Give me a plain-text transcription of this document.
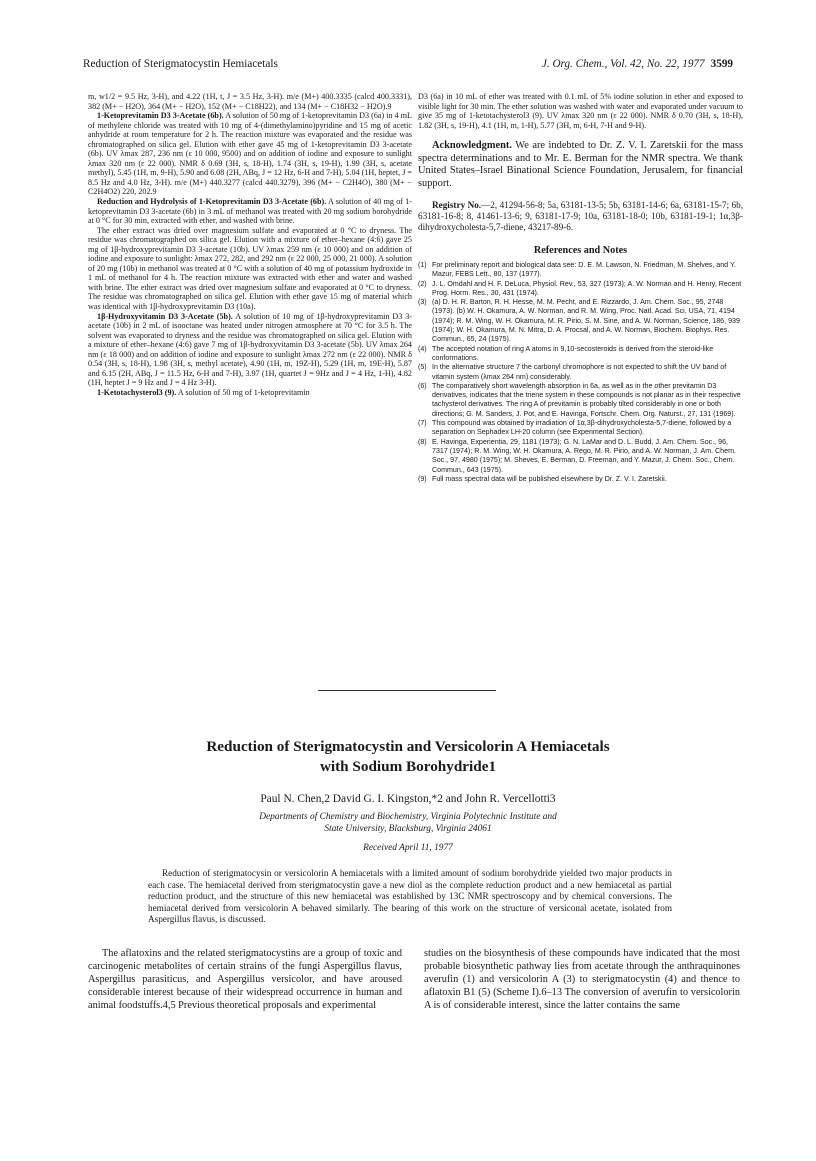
Reduction of Sterigmatocystin Hemiacetals	J. Org. Chem., Vol. 42, No. 22, 1977 3599

m, w1/2 = 9.5 Hz, 3-H), and 4.22 (1H, t, J = 3.5 Hz, 3-H). m/e (M+) 400.3335 (calcd 400.3331), 382 (M+ − H2O), 364 (M+ − H2O), 152 (M+ − C18H22), and 134 (M+ − C18H32 − H2O).9

1-Ketoprevitamin D3 3-Acetate (6b). A solution of 50 mg of 1-ketoprevitamin D3 (6a) in 4 mL of methylene chloride was treated with 10 mg of 4-(dimethylamino)pyridine and 15 mg of acetic anhydride at room temperature for 2 h. The reaction mixture was evaporated and the residue was chromatographed on silica gel. Elution with ether gave 45 mg of 1-ketoprevitamin D3 3-acetate (6b). UV λmax 287, 236 nm (ε 10 000, 9500) and on addition of iodine and exposure to sunlight λmax 320 nm (ε 22 000). NMR δ 0.69 (3H, s, 18-H), 1.74 (3H, s, 19-H), 1.99 (3H, s, acetate methyl), 5.45 (1H, m, 9-H), 5.90 and 6.08 (2H, ABq, J = 12 Hz, 6-H and 7-H), 5.04 (1H, heptet, J = 8.5 Hz and 4.0 Hz, 3-H). m/e (M+) 440.3277 (calcd 440.3279), 396 (M+ − C2H4O), 380 (M+ − C2H4O2) 220, 202.9

Reduction and Hydrolysis of 1-Ketoprevitamin D3 3-Acetate (6b). A solution of 40 mg of 1-ketoprevitamin D3 3-acetate (6b) in 3 mL of methanol was treated with 20 mg sodium borohydride at 0 °C for 30 min, extracted with ether, and washed with brine.

The ether extract was dried over magnesium sulfate and evaporated at 0 °C to dryness. The residue was chromatographed on silica gel. Elution with a mixture of ether–hexane (4:6) gave 25 mg of 1β-hydroxyprevitamin D3 3-acetate (10b). UV λmax 259 nm (ε 10 000) and on addition of iodine and exposure to sunlight: λmax 272, 282, and 292 nm (ε 22 000, 25 000, 21 000). A solution of 20 mg (10b) in methanol was treated at 0 °C with a solution of 40 mg of potassium hydroxide in 1 mL of methanol for 4 h. The reaction mixture was extracted with ether and water and washed with brine. The ether extract was dried over magnesium sulfate and evaporated at 0 °C to dryness. The residue was chromatographed on silica gel. Elution with ether gave 15 mg of material which was identical with 1β-hydroxyprevitamin D3 (10a).

1β-Hydroxyvitamin D3 3-Acetate (5b). A solution of 10 mg of 1β-hydroxyprevitamin D3 3-acetate (10b) in 2 mL of isooctane was heated under nitrogen atmosphere at 70 °C for 3.5 h. The solvent was evaporated to dryness and the residue was chromatographed on silica gel. Elution with a mixture of ether–hexane (4:6) gave 7 mg of 1β-hydroxyvitamin D3 3-acetate (5b). UV λmax 264 nm (ε 18 000) and on addition of iodine and exposure to sunlight λmax 272 nm (ε 22 000). NMR δ 0.54 (3H, s, 18-H), 1.98 (3H, s, methyl acetate), 4.90 (1H, m, 19Z-H), 5.29 (1H, m, 19E-H), 5.87 and 6.15 (2H, ABq, J = 11.5 Hz, 6-H and 7-H), 3.97 (1H, quartet J = 9Hz and J = 4 Hz, 1-H), 4.82 (1H, heptet J = 9 Hz and J = 4 Hz 3-H).

1-Ketotachysterol3 (9). A solution of 50 mg of 1-ketoprevitamin

D3 (6a) in 10 mL of ether was treated with 0.1 mL of 5% iodine solution in ether and exposed to visible light for 30 min. The ether solution was washed with water and evaporated under vacuum to give 35 mg of 1-ketotachysterol3 (9). UV λmax 320 nm (ε 22 000). NMR δ 0.70 (3H, s, 18-H), 1.82 (3H, s, 19-H), 4.1 (1H, m, 1-H), 5.77 (3H, m, 6-H, 7-H and 9-H).

Acknowledgment. We are indebted to Dr. Z. V. I. Zaretskii for the mass spectra determinations and to Mr. E. Berman for the NMR spectra. We thank United States–Israel Binational Science Foundation, Jerusalem, for financial support.

Registry No.—2, 41294-56-8; 5a, 63181-13-5; 5b, 63181-14-6; 6a, 63181-15-7; 6b, 63181-16-8; 8, 41461-13-6; 9, 63181-17-9; 10a, 63181-18-0; 10b, 63181-19-1; 1α,3β-dihydroxycholesta-5,7-diene, 43217-89-6.

References and Notes
(1) For preliminary report and biological data see: D. E. M. Lawson, N. Friedman, M. Shelves, and Y. Mazur, FEBS Lett., 80, 137 (1977).
(2) J. L. Omdahl and H. F. DeLuca, Physiol. Rev., 53, 327 (1973); A. W. Norman and H. Henry, Recent Prog. Horm. Res., 30, 431 (1974).
(3) (a) D. H. R. Barton, R. H. Hesse, M. M. Pecht, and E. Rizzardo, J. Am. Chem. Soc., 95, 2748 (1973). (b) W. H. Okamura, A. W. Norman, and R. M. Wing, Proc. Natl. Acad. Sci. USA, 71, 4194 (1974); R. M. Wing, W. H. Okamura, M. R. Pirio, S. M. Sine, and A. W. Norman, Science, 186, 939 (1974); W. H. Okamura, M. N. Mitra, D. A. Procsal, and A. W. Norman, Biochem. Biophys. Res. Commun., 65, 24 (1975).
(4) The accepted notation of ring A atoms in 9,10-secosteroids is derived from the steroid-like conformations.
(5) In the alternative structure 7 the carbonyl chromophore is not expected to shift the UV band of vitamin system (λmax 264 nm) considerably.
(6) The comparatively short wavelength absorption in 6a, as well as in the other previtamin D3 derivatives, indicates that the triene system in these compounds is not planar as in their respective tachysterol derivatives. The ring A of previtamin is probably tilted considerably in one or both directions; G. M. Sanders, J. Pot, and E. Havinga, Fortschr. Chem. Org. Naturst., 27, 131 (1969).
(7) This compound was obtained by irradiation of 1α,3β-dihydroxycholesta-5,7-diene, followed by a separation on Sephadex LH-20 column (see Experimental Section).
(8) E. Havinga, Experientia, 29, 1181 (1973); G. N. LaMar and D. L. Budd, J. Am. Chem. Soc., 96, 7317 (1974); R. M. Wing, W. H. Okamura, A. Rego, M. R. Pirio, and A. W. Norman, J. Am. Chem. Soc., 97, 4980 (1975); M. Sheves, E. Berman, D. Freeman, and Y. Mazur, J. Chem. Soc., Chem. Commun., 643 (1975).
(9) Full mass spectral data will be published elsewhere by Dr. Z. V. I. Zaretskii.
Reduction of Sterigmatocystin and Versicolorin A Hemiacetals
with Sodium Borohydride1
Paul N. Chen,2 David G. I. Kingston,*2 and John R. Vercellotti3
Departments of Chemistry and Biochemistry, Virginia Polytechnic Institute and
State University, Blacksburg, Virginia 24061
Received April 11, 1977
Reduction of sterigmatocysin or versicolorin A hemiacetals with a limited amount of sodium borohydride yielded two major products in each case. The hemiacetal derived from sterigmatocystin gave a new diol as the complete reduction product and a new hemiacetal as partial reduction product, and the structure of this new hemiacetal was established by 13C NMR spectroscopy and by chemical conversions. The hemiacetal derived from versicolorin A behaved similarly. The bearing of this work on the structure of versiconal acetate, isolated from Aspergillus flavus, is discussed.
The aflatoxins and the related sterigmatocystins are a group of toxic and carcinogenic metabolites of certain strains of the fungi Aspergillus flavus, Aspergillus parasiticus, and Aspergillus versicolor, and have aroused considerable interest because of their widespread occurrence in human and animal foodstuffs.4,5 Previous theoretical proposals and experimental
studies on the biosynthesis of these compounds have indicated that the most probable biosynthetic pathway lies from acetate through the anthraquinones averufin (1) and versicolorin A (3) to sterigmatocystin (4) and thence to aflatoxin B1 (5) (Scheme I).6–13 The conversion of averufin to versicolorin A is of considerable interest, since the latter contains the same
